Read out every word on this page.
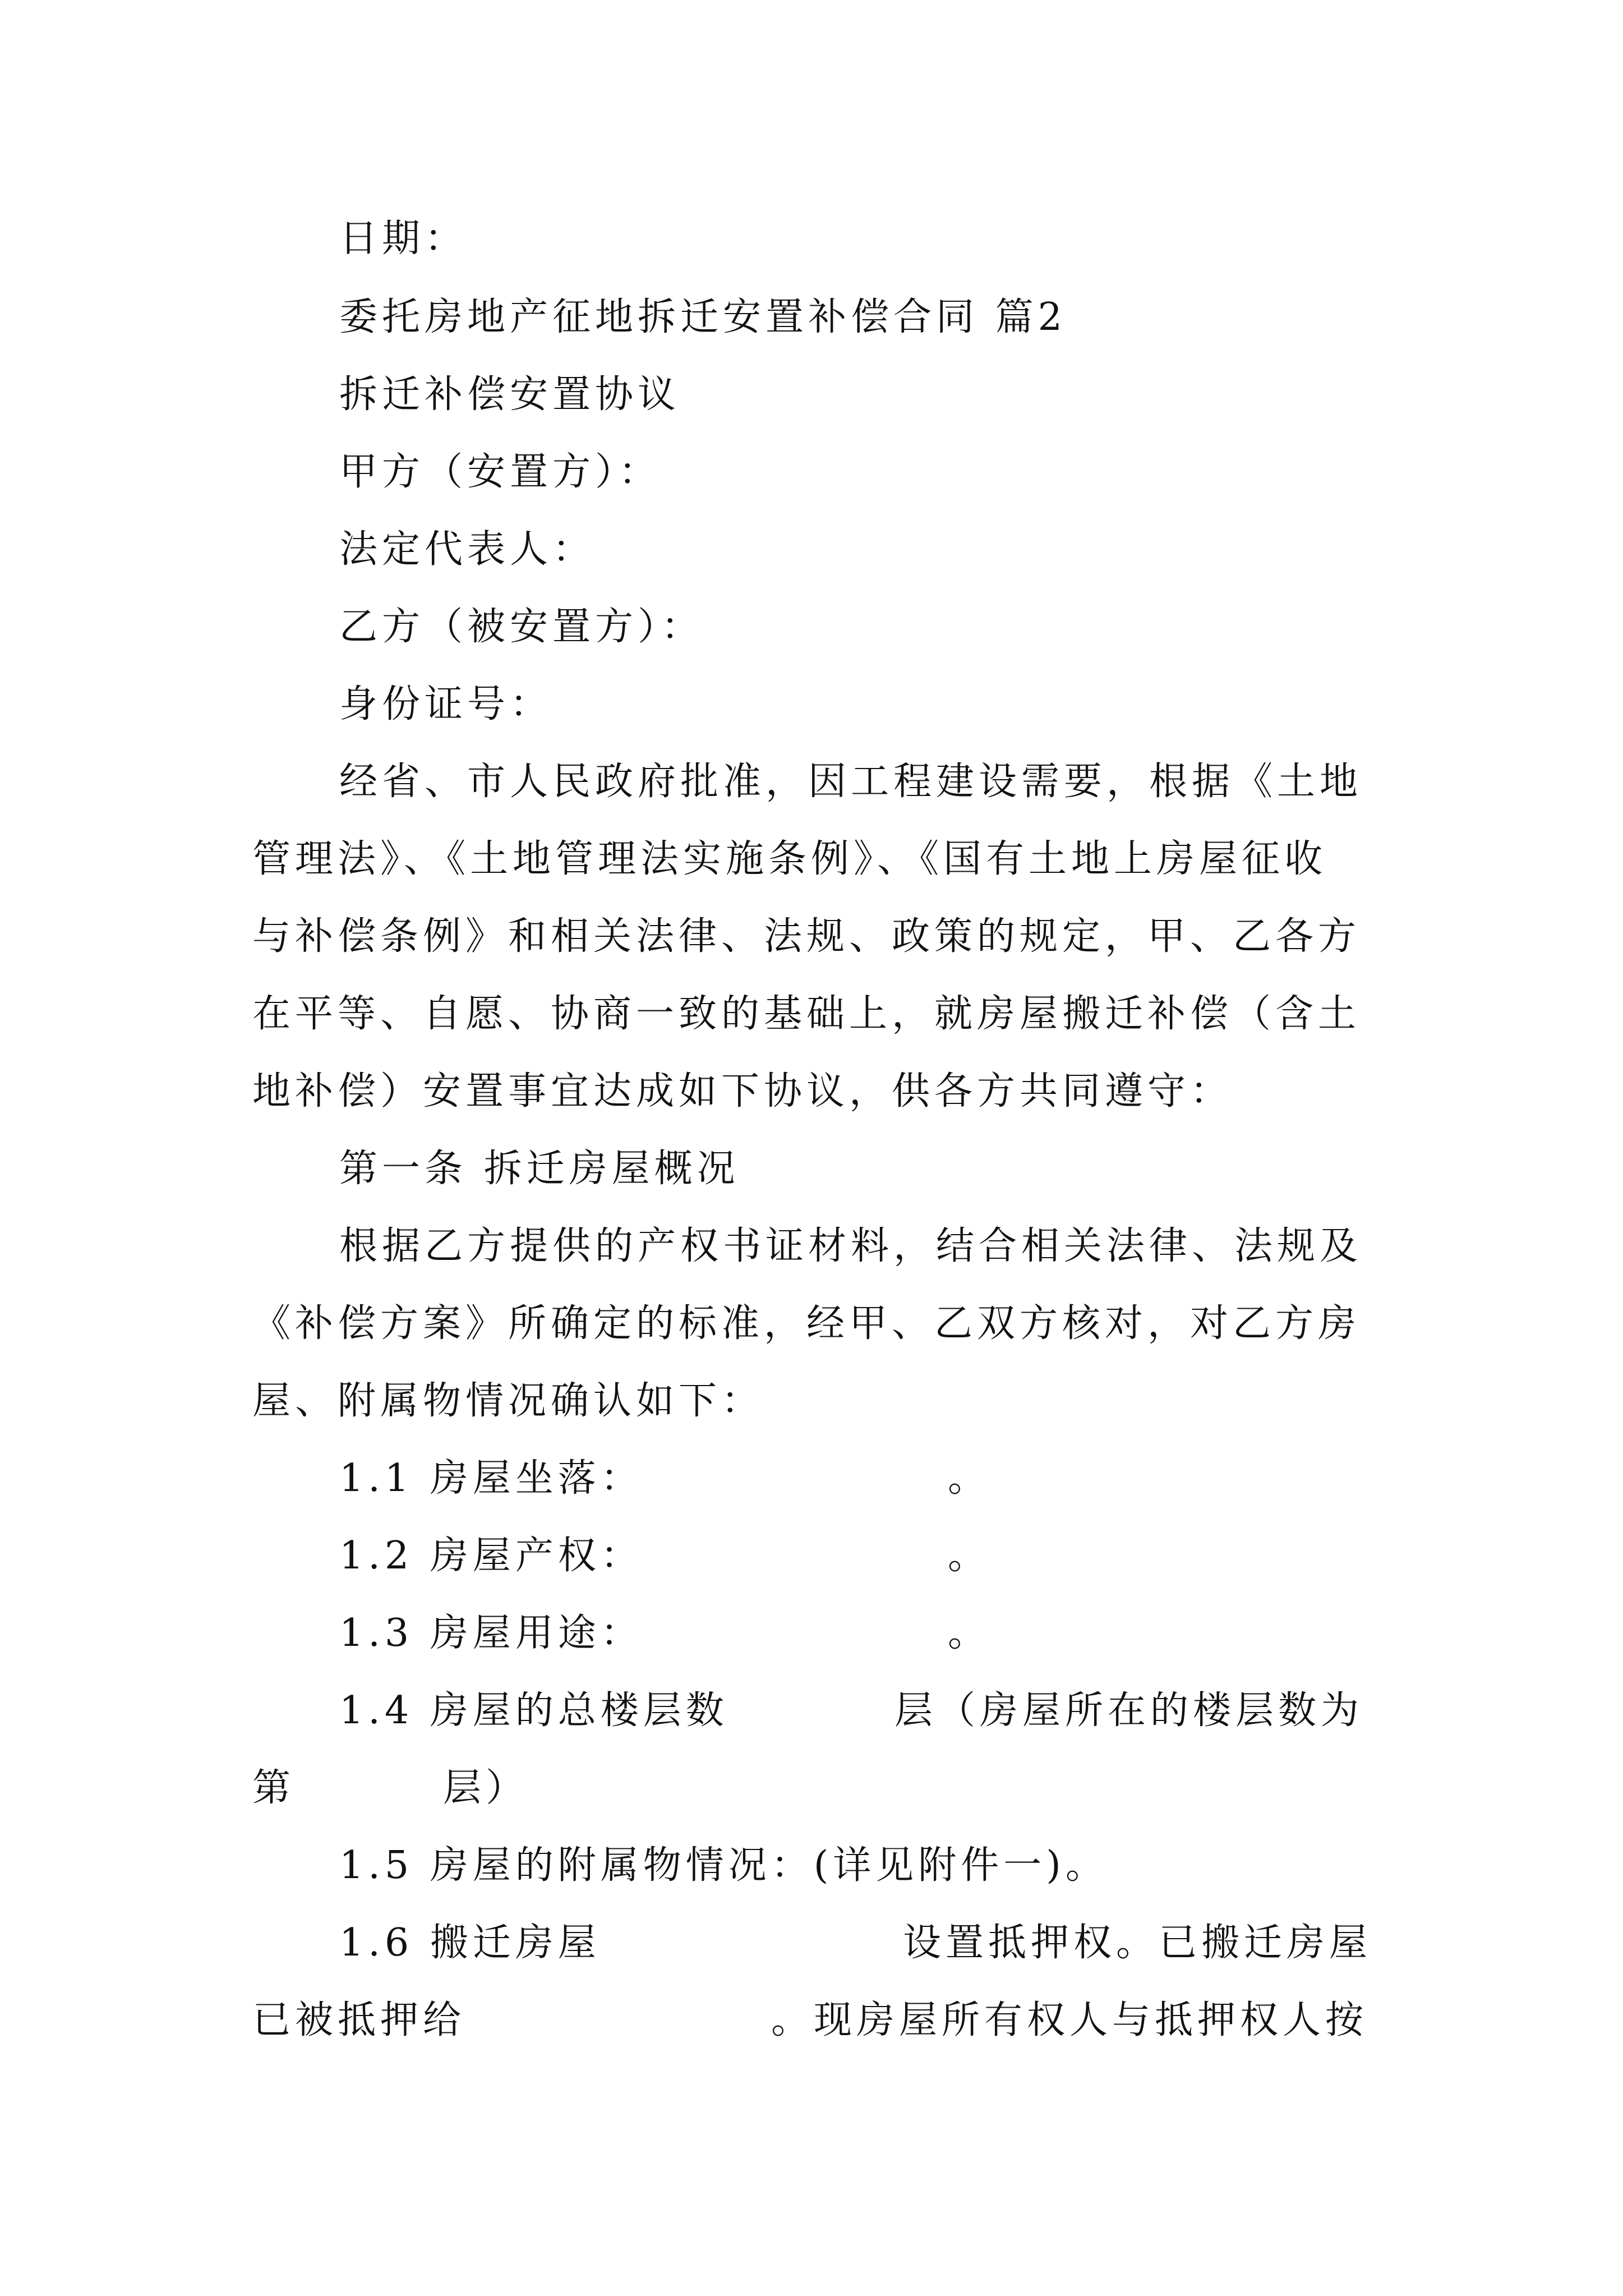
日期：

委托房地产征地拆迁安置补偿合同 篇2

拆迁补偿安置协议

甲方（安置方）：

法定代表人：

乙方（被安置方）：

身份证号：

经省、市人民政府批准，因工程建设需要，根据《土地

管理法》、《土地管理法实施条例》、《国有土地上房屋征收

与补偿条例》和相关法律、法规、政策的规定，甲、乙各方

在平等、自愿、协商一致的基础上，就房屋搬迁补偿（含土

地补偿）安置事宜达成如下协议，供各方共同遵守：

第一条 拆迁房屋概况

根据乙方提供的产权书证材料，结合相关法律、法规及

《补偿方案》所确定的标准，经甲、乙双方核对，对乙方房

屋、附属物情况确认如下：

1.1 房屋坐落：

	。

1.2 房屋产权：

	。

1.3 房屋用途：

	。

1.4 房屋的总楼层数

	层（房屋所在的楼层数为

第

	层）

1.5 房屋的附属物情况：(详见附件一)。

1.6 搬迁房屋

	设置抵押权。已搬迁房屋

已被抵押给

	。现房屋所有权人与抵押权人按
